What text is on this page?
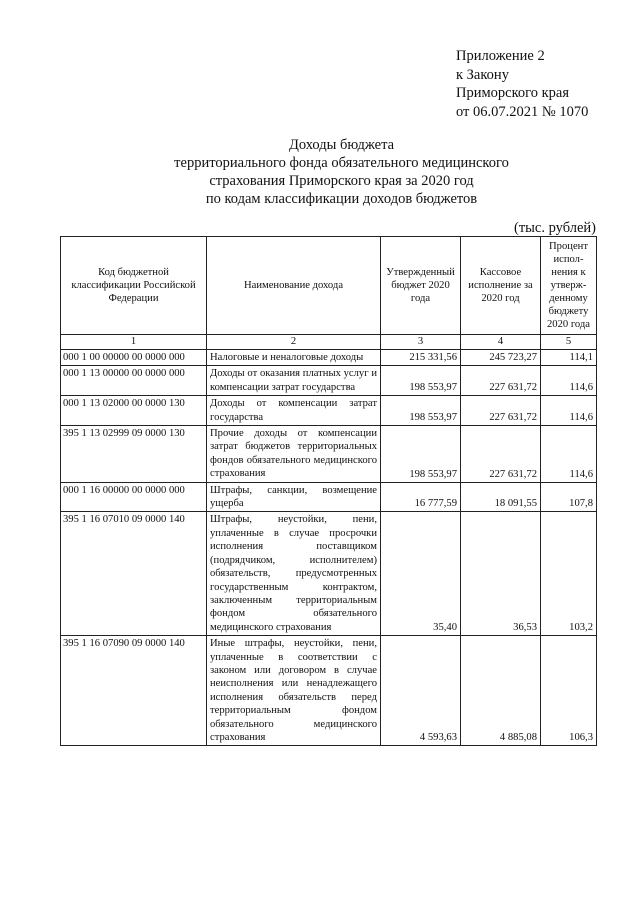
Приложение 2
к Закону
Приморского края
от 06.07.2021 № 1070
Доходы бюджета
территориального фонда обязательного медицинского
страхования Приморского края за 2020 год
по кодам классификации доходов бюджетов
(тыс. рублей)
Код бюджетной классификации Российской Федерации	Наименование дохода	Утвержденный бюджет 2020 года	Кассовое исполнение за 2020 год	Процент испол-нения к утверж-денному бюджету 2020 года
1	2	3	4	5
000 1 00 00000 00 0000 000	Налоговые и неналоговые доходы	215 331,56	245 723,27	114,1
000 1 13 00000 00 0000 000	Доходы от оказания платных услуг и компенсации затрат государства	198 553,97	227 631,72	114,6
000 1 13 02000 00 0000 130	Доходы от компенсации затрат государства	198 553,97	227 631,72	114,6
395 1 13 02999 09 0000 130	Прочие доходы от компенсации затрат бюджетов территориальных фондов обязательного медицинского страхования	198 553,97	227 631,72	114,6
000 1 16 00000 00 0000 000	Штрафы, санкции, возмещение ущерба	16 777,59	18 091,55	107,8
395 1 16 07010 09 0000 140	Штрафы, неустойки, пени, уплаченные в случае просрочки исполнения поставщиком (подрядчиком, исполнителем) обязательств, предусмотренных государственным контрактом, заключенным территориальным фондом обязательного медицинского страхования	35,40	36,53	103,2
395 1 16 07090 09 0000 140	Иные штрафы, неустойки, пени, уплаченные в соответствии с законом или договором в случае неисполнения или ненадлежащего исполнения обязательств перед территориальным фондом обязательного медицинского страхования	4 593,63	4 885,08	106,3
